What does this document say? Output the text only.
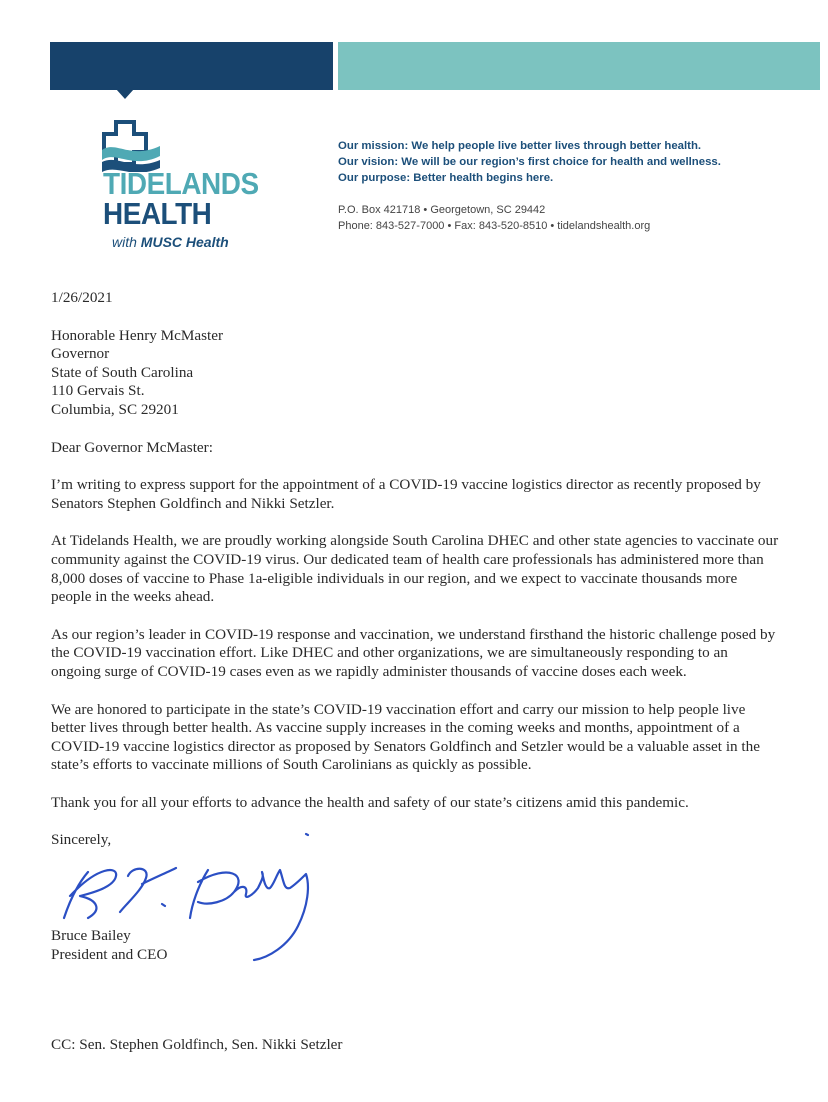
TIDELANDS
HEALTH
with MUSC Health
Our mission: We help people live better lives through better health.
Our vision: We will be our region’s first choice for health and wellness.
Our purpose: Better health begins here.
P.O. Box 421718 • Georgetown, SC 29442
Phone: 843-527-7000 • Fax: 843-520-8510 • tidelandshealth.org

1/26/2021

Honorable Henry McMaster

Governor

State of South Carolina

110 Gervais St.

Columbia, SC 29201

Dear Governor McMaster:

I’m writing to express support for the appointment of a COVID-19 vaccine logistics director as recently proposed by Senators Stephen Goldfinch and Nikki Setzler.

At Tidelands Health, we are proudly working alongside South Carolina DHEC and other state agencies to vaccinate our community against the COVID-19 virus. Our dedicated team of health care professionals has administered more than 8,000 doses of vaccine to Phase 1a-eligible individuals in our region, and we expect to vaccinate thousands more people in the weeks ahead.

As our region’s leader in COVID-19 response and vaccination, we understand firsthand the historic challenge posed by the COVID-19 vaccination effort. Like DHEC and other organizations, we are simultaneously responding to an ongoing surge of COVID-19 cases even as we rapidly administer thousands of vaccine doses each week.

We are honored to participate in the state’s COVID-19 vaccination effort and carry our mission to help people live better lives through better health. As vaccine supply increases in the coming weeks and months, appointment of a COVID-19 vaccine logistics director as proposed by Senators Goldfinch and Setzler would be a valuable asset in the state’s efforts to vaccinate millions of South Carolinians as quickly as possible.

Thank you for all your efforts to advance the health and safety of our state’s citizens amid this pandemic.

Sincerely,

Bruce Bailey
President and CEO
CC: Sen. Stephen Goldfinch, Sen. Nikki Setzler
